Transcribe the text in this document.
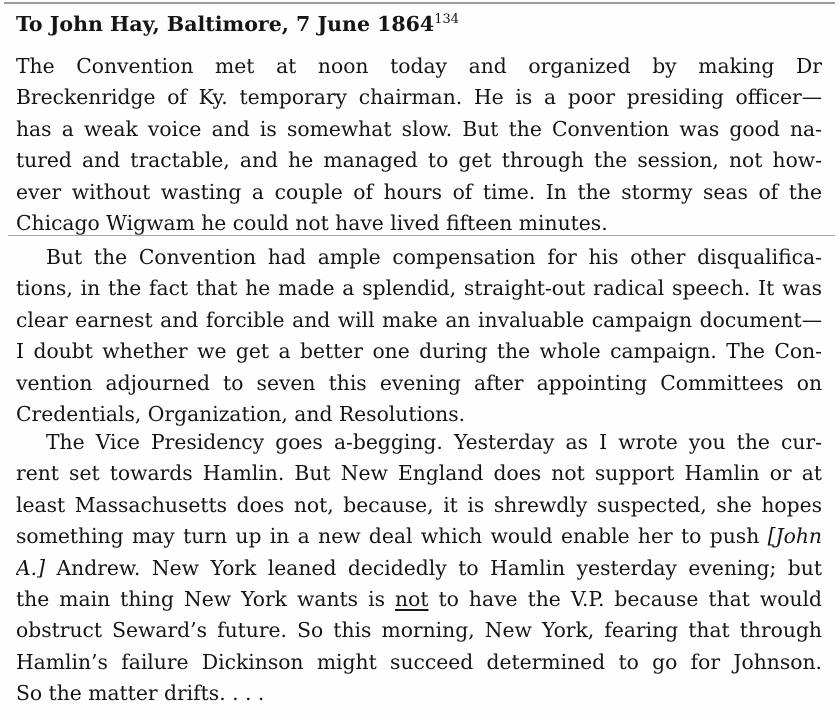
To John Hay, Baltimore, 7 June 1864$^{134}$

The Convention met at noon today and organized by making Dr
Breckenridge of Ky. temporary chairman. He is a poor presiding officer—
has a weak voice and is somewhat slow. But the Convention was good na-
tured and tractable, and he managed to get through the session, not how-
ever without wasting a couple of hours of time. In the stormy seas of the
Chicago Wigwam he could not have lived fifteen minutes.

But the Convention had ample compensation for his other disqualifica-
tions, in the fact that he made a splendid, straight-out radical speech. It was
clear earnest and forcible and will make an invaluable campaign document—
I doubt whether we get a better one during the whole campaign. The Con-
vention adjourned to seven this evening after appointing Committees on
Credentials, Organization, and Resolutions.

The Vice Presidency goes a-begging. Yesterday as I wrote you the cur-
rent set towards Hamlin. But New England does not support Hamlin or at
least Massachusetts does not, because, it is shrewdly suspected, she hopes
something may turn up in a new deal which would enable her to push [John
A.] Andrew. New York leaned decidedly to Hamlin yesterday evening; but
the main thing New York wants is not to have the V.P. because that would
obstruct Seward’s future. So this morning, New York, fearing that through
Hamlin’s failure Dickinson might succeed determined to go for Johnson.
So the matter drifts. . . .
